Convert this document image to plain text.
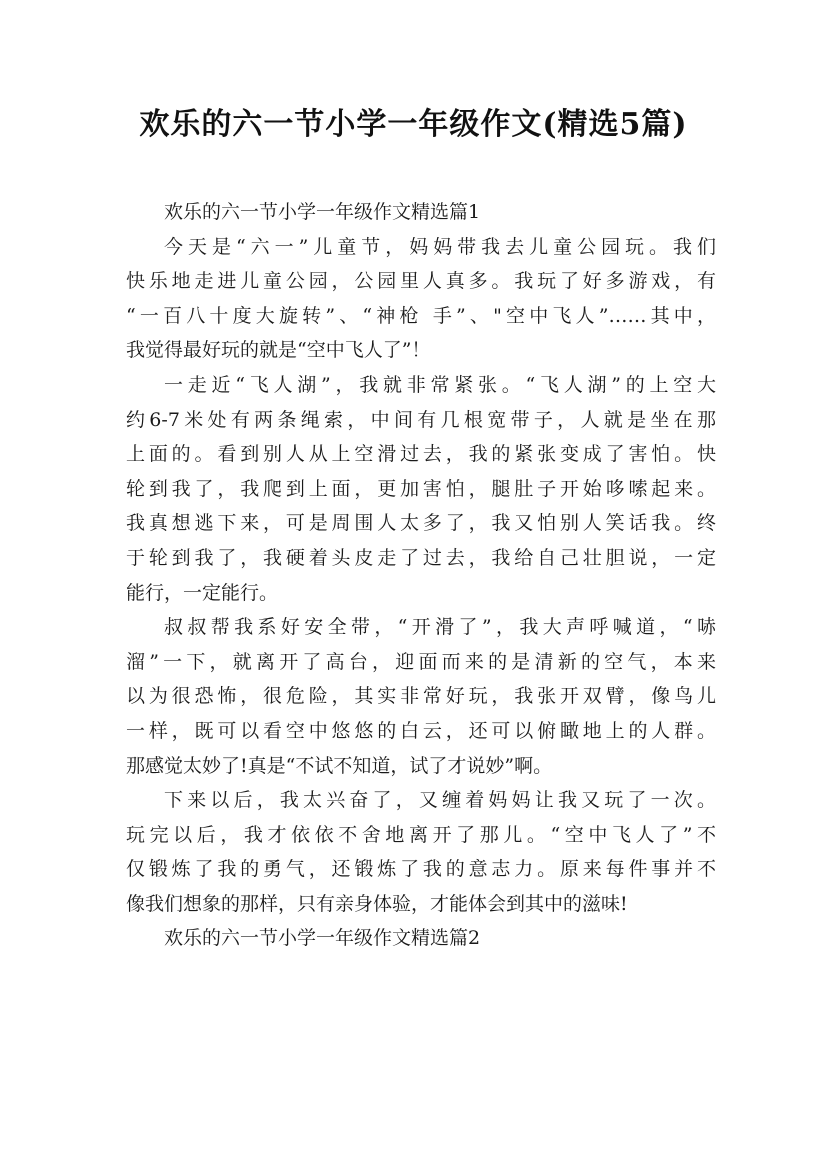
欢乐的六一节小学一年级作文(精选5篇)
欢乐的六一节小学一年级作文精选篇1
今天是“六一”儿童节，妈妈带我去儿童公园玩。我们
快乐地走进儿童公园，公园里人真多。我玩了好多游戏，有
“一百八十度大旋转”、“神枪 手”、"空中飞人”……其中，
我觉得最好玩的就是“空中飞人了”！
一走近“飞人湖”，我就非常紧张。“飞人湖”的上空大
约6-7米处有两条绳索，中间有几根宽带子，人就是坐在那
上面的。看到别人从上空滑过去，我的紧张变成了害怕。快
轮到我了，我爬到上面，更加害怕，腿肚子开始哆嗦起来。
我真想逃下来，可是周围人太多了，我又怕别人笑话我。终
于轮到我了，我硬着头皮走了过去，我给自己壮胆说，一定
能行，一定能行。
叔叔帮我系好安全带，“开滑了”，我大声呼喊道，“哧
溜”一下，就离开了高台，迎面而来的是清新的空气，本来
以为很恐怖，很危险，其实非常好玩，我张开双臂，像鸟儿
一样，既可以看空中悠悠的白云，还可以俯瞰地上的人群。
那感觉太妙了!真是“不试不知道，试了才说妙”啊。
下来以后，我太兴奋了，又缠着妈妈让我又玩了一次。
玩完以后，我才依依不舍地离开了那儿。“空中飞人了”不
仅锻炼了我的勇气，还锻炼了我的意志力。原来每件事并不
像我们想象的那样，只有亲身体验，才能体会到其中的滋味!
欢乐的六一节小学一年级作文精选篇2
